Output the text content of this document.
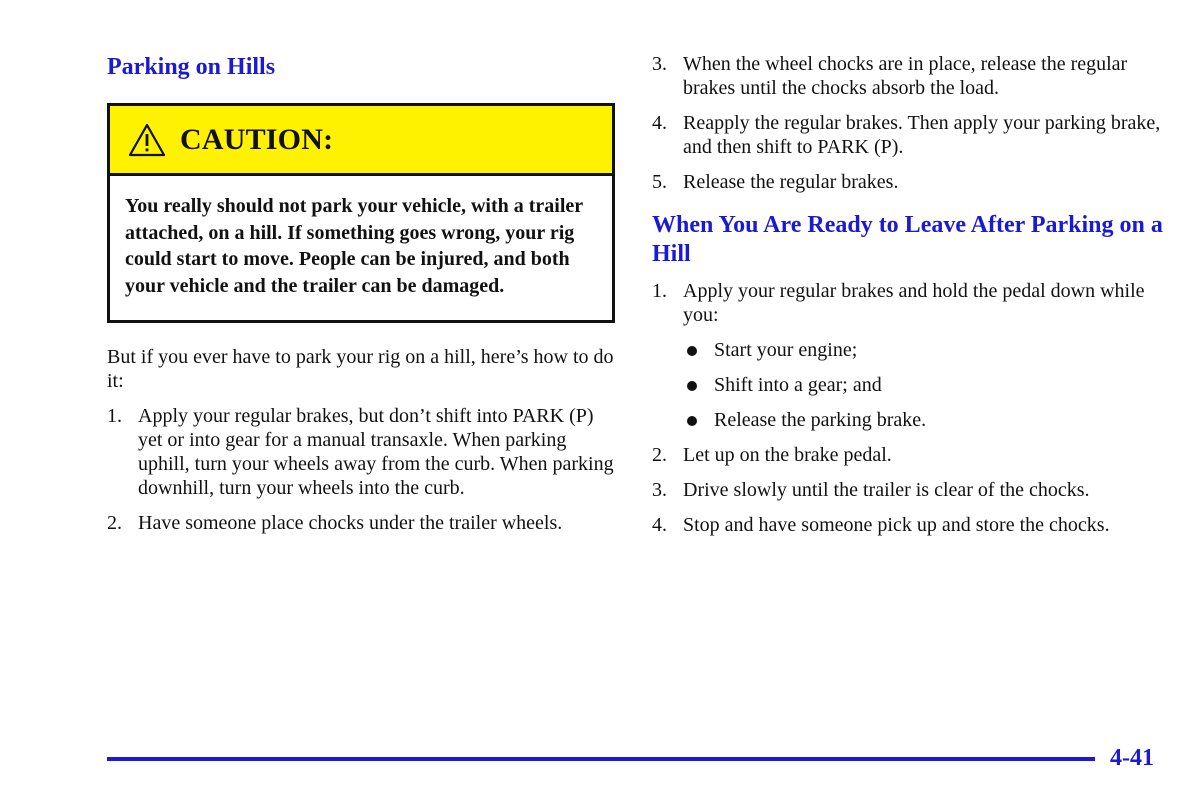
Parking on Hills
CAUTION:
You really should not park your vehicle, with a trailer attached, on a hill. If something goes wrong, your rig could start to move. People can be injured, and both your vehicle and the trailer can be damaged.

But if you ever have to park your rig on a hill, here’s how to do it:

1. Apply your regular brakes, but don’t shift into PARK (P) yet or into gear for a manual transaxle. When parking uphill, turn your wheels away from the curb. When parking downhill, turn your wheels into the curb.
2. Have someone place chocks under the trailer wheels.
3. When the wheel chocks are in place, release the regular brakes until the chocks absorb the load.
4. Reapply the regular brakes. Then apply your parking brake, and then shift to PARK (P).
5. Release the regular brakes.
When You Are Ready to Leave After Parking on a Hill
1. Apply your regular brakes and hold the pedal down while you:
Start your engine;
Shift into a gear; and
Release the parking brake.
2. Let up on the brake pedal.
3. Drive slowly until the trailer is clear of the chocks.
4. Stop and have someone pick up and store the chocks.
4-41
